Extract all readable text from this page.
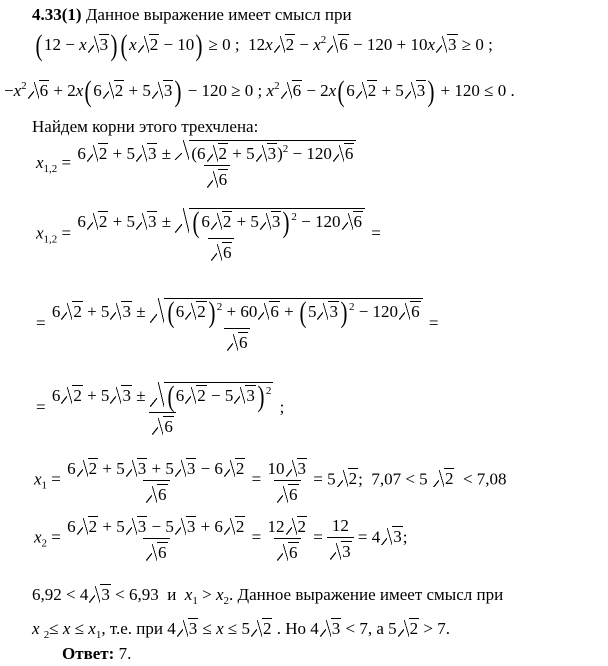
4.33(1) Данное выражение имеет смысл при
(12 − x 3) (x 2 − 10) ≥ 0 ;  12x $2 - x^2$ 6 − 120 + 10x 3 ≥ 0 ;
$-x^2$ 6 + 2x(6 2 + 5 3) − 120 ≥ 0 ; $x^2$ 6 − 2x(6 2 + 5 3) + 120 ≤ 0 .
Найдем корни этого трехчлена:
$x_{1,2} = \frac{6 2 + 5 3 \pm (6 2 + 5 3)^2 - 120 6}{6}$
$x_{1,2} = \frac{6 2 + 5 3 \pm (6 2 + 5 3) ^2 - 120 6}{6}$ =
= $\frac{6 2 + 5 3 \pm (6 2) ^2 + 60 6 + (5 3) ^2 - 120 6}{6}$ =
= $\frac{6 2 + 5 3 \pm (6 2 - 5 3) ^2}{6}$ ;
$x_1 = \frac{6 2 + 5 3 + 5 3 - 6 2}{6} = \frac{10 3}{6} = 5$ 2;  7,07 < 5 2  < 7,08
$x_2 = \frac{6 2 + 5 3 - 5 3 + 6 2}{6} = \frac{12 2}{6} = \frac{12}{3} = 4$ 3;
6,92 < 4 3 < 6,93 и $x_1 > x_2$. Данное выражение имеет смысл при
x $_2\le x \le x_1$, т.е. при 4 3 ≤ x ≤ 5 2 . Но 4 3 < 7, а 5 2 > 7.
Ответ: 7.
